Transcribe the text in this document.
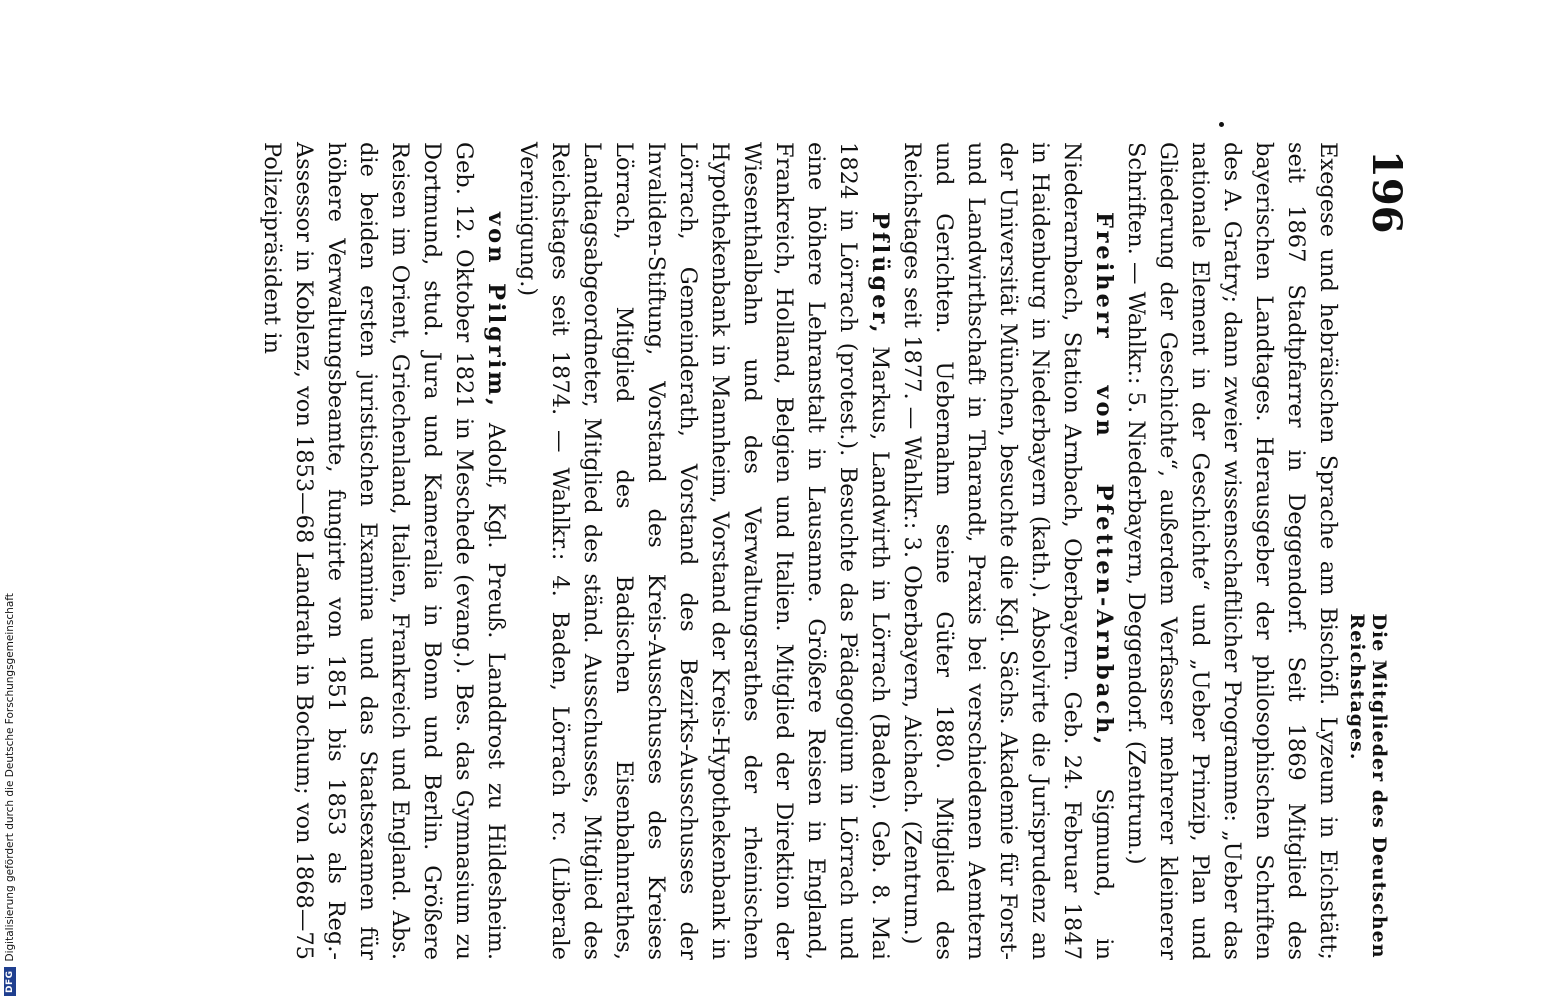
DFG
Digitalisierung gefördert durch die Deutsche Forschungsgemeinschaft
196
Die Mitglieder des Deutschen Reichstages.

Exegese und hebräischen Sprache am Bischöfl. Lyzeum in Eichstätt; seit 1867 Stadtpfarrer in Deggendorf. Seit 1869 Mitglied des bayerischen Landtages. Herausgeber der philosophischen Schriften des A. Gratry; dann zweier wissenschaftlicher Programme: „Ueber das nationale Element in der Geschichte“ und „Ueber Prinzip, Plan und Gliederung der Geschichte“, außerdem Verfasser mehrerer kleinerer Schriften. — Wahlkr.: 5. Niederbayern, Deggendorf. (Zentrum.)

Freiherr von Pfetten-Arnbach, Sigmund, in Niederarnbach, Station Arnbach, Oberbayern. Geb. 24. Februar 1847 in Haidenburg in Niederbayern (kath.). Absolvirte die Jurisprudenz an der Universität München, besuchte die Kgl. Sächs. Akademie für Forst- und Landwirthschaft in Tharandt, Praxis bei verschiedenen Aemtern und Gerichten. Uebernahm seine Güter 1880. Mitglied des Reichstages seit 1877. — Wahlkr.: 3. Oberbayern, Aichach. (Zentrum.)

Pflüger, Markus, Landwirth in Lörrach (Baden). Geb. 8. Mai 1824 in Lörrach (protest.). Besuchte das Pädagogium in Lörrach und eine höhere Lehranstalt in Lausanne. Größere Reisen in England, Frankreich, Holland, Belgien und Italien. Mitglied der Direktion der Wiesenthalbahn und des Verwaltungsrathes der rheinischen Hypothekenbank in Mannheim, Vorstand der Kreis-Hypothekenbank in Lörrach, Gemeinderath, Vorstand des Bezirks-Ausschusses der Invaliden-Stiftung, Vorstand des Kreis-Ausschusses des Kreises Lörrach, Mitglied des Badischen Eisenbahnrathes, Landtagsabgeordneter, Mitglied des ständ. Ausschusses, Mitglied des Reichstages seit 1874. — Wahlkr.: 4. Baden, Lörrach rc. (Liberale Vereinigung.)

von Pilgrim, Adolf, Kgl. Preuß. Landdrost zu Hildesheim. Geb. 12. Oktober 1821 in Meschede (evang.). Bes. das Gymnasium zu Dortmund, stud. Jura und Kameralia in Bonn und Berlin. Größere Reisen im Orient, Griechenland, Italien, Frankreich und England. Abs. die beiden ersten juristischen Examina und das Staatsexamen für höhere Verwaltungsbeamte, fungirte von 1851 bis 1853 als Reg.-Assessor in Koblenz, von 1853—68 Landrath in Bochum; von 1868—75 Polizeipräsident in
